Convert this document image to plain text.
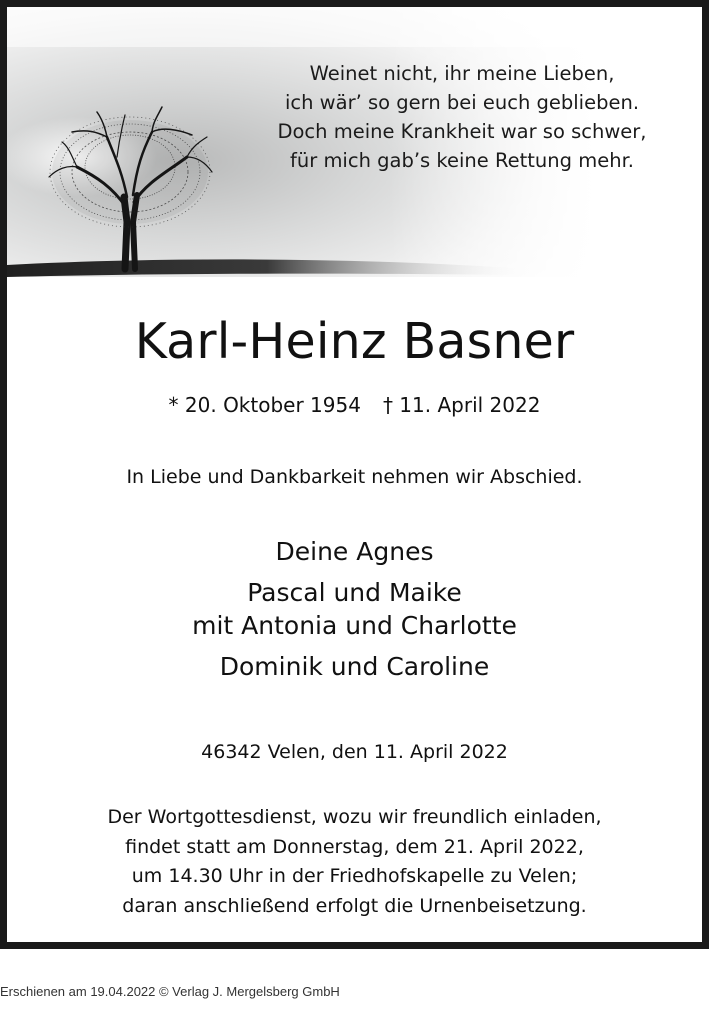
Weinet nicht, ihr meine Lieben,
ich wär’ so gern bei euch geblieben.
Doch meine Krankheit war so schwer,
für mich gab’s keine Rettung mehr.
Karl-Heinz Basner
* 20. Oktober 1954 † 11. April 2022
In Liebe und Dankbarkeit nehmen wir Abschied.
Deine Agnes
Pascal und Maike
mit Antonia und Charlotte
Dominik und Caroline
46342 Velen, den 11. April 2022
Der Wortgottesdienst, wozu wir freundlich einladen,
findet statt am Donnerstag, dem 21. April 2022,
um 14.30 Uhr in der Friedhofskapelle zu Velen;
daran anschließend erfolgt die Urnenbeisetzung.
Erschienen am 19.04.2022 © Verlag J. Mergelsberg GmbH
